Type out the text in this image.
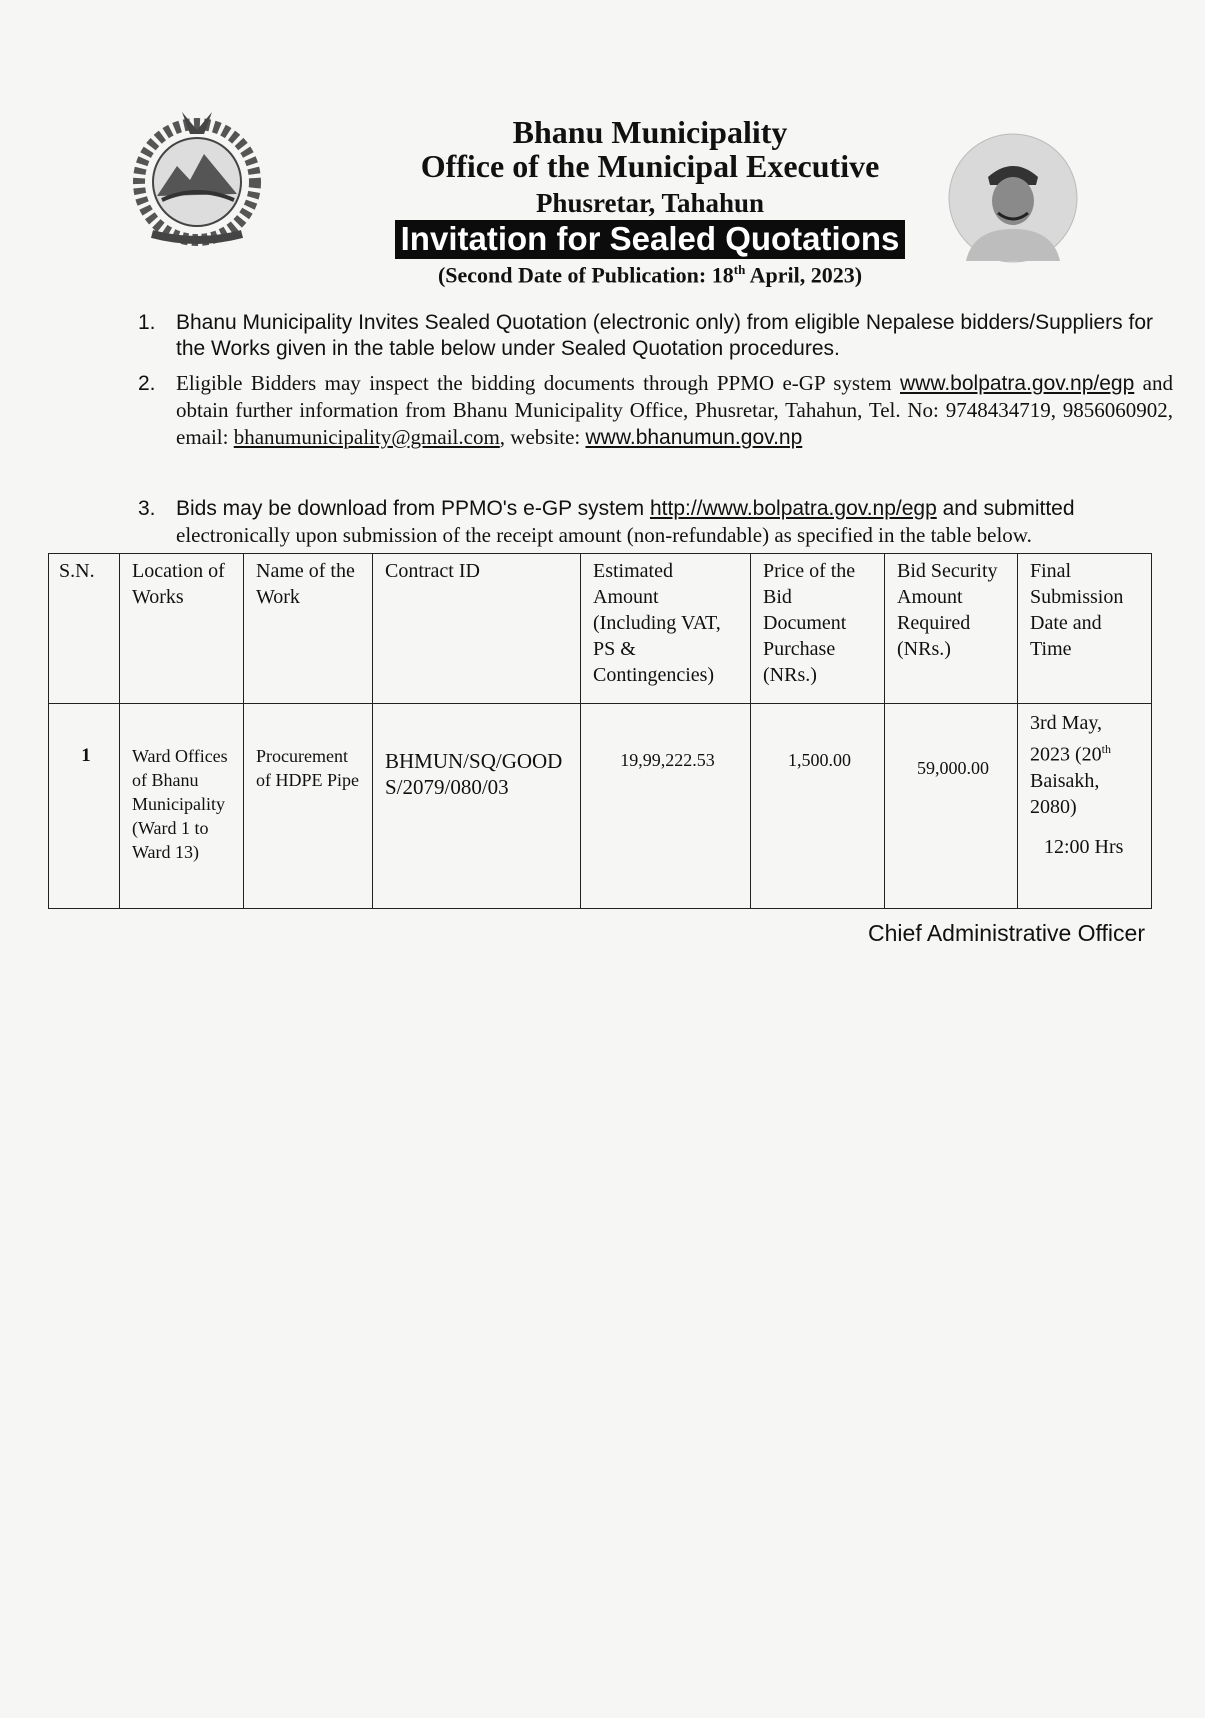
Bhanu Municipality
Office of the Municipal Executive
Phusretar, Tahahun
Invitation for Sealed Quotations
(Second Date of Publication: 18th April, 2023)
1. Bhanu Municipality Invites Sealed Quotation (electronic only) from eligible Nepalese bidders/Suppliers for the Works given in the table below under Sealed Quotation procedures.
2. Eligible Bidders may inspect the bidding documents through PPMO e-GP system www.bolpatra.gov.np/egp and obtain further information from Bhanu Municipality Office, Phusretar, Tahahun, Tel. No: 9748434719, 9856060902, email: bhanumunicipality@gmail.com, website: www.bhanumun.gov.np
3. Bids may be download from PPMO's e-GP system http://www.bolpatra.gov.np/egp and submitted
electronically upon submission of the receipt amount (non-refundable) as specified in the table below.
S.N.	Location of Works	Name of the Work	Contract ID	Estimated Amount (Including VAT, PS & Contingencies)	Price of the Bid Document Purchase (NRs.)	Bid Security Amount Required (NRs.)	Final Submission Date and Time
1	Ward Offices of Bhanu Municipality (Ward 1 to Ward 13)	Procurement of HDPE Pipe	BHMUN/SQ/GOODS/2079/080/03	19,99,222.53	1,500.00	59,000.00	3rd May, 2023 (20th Baisakh, 2080)
12:00 Hrs
Chief Administrative Officer
